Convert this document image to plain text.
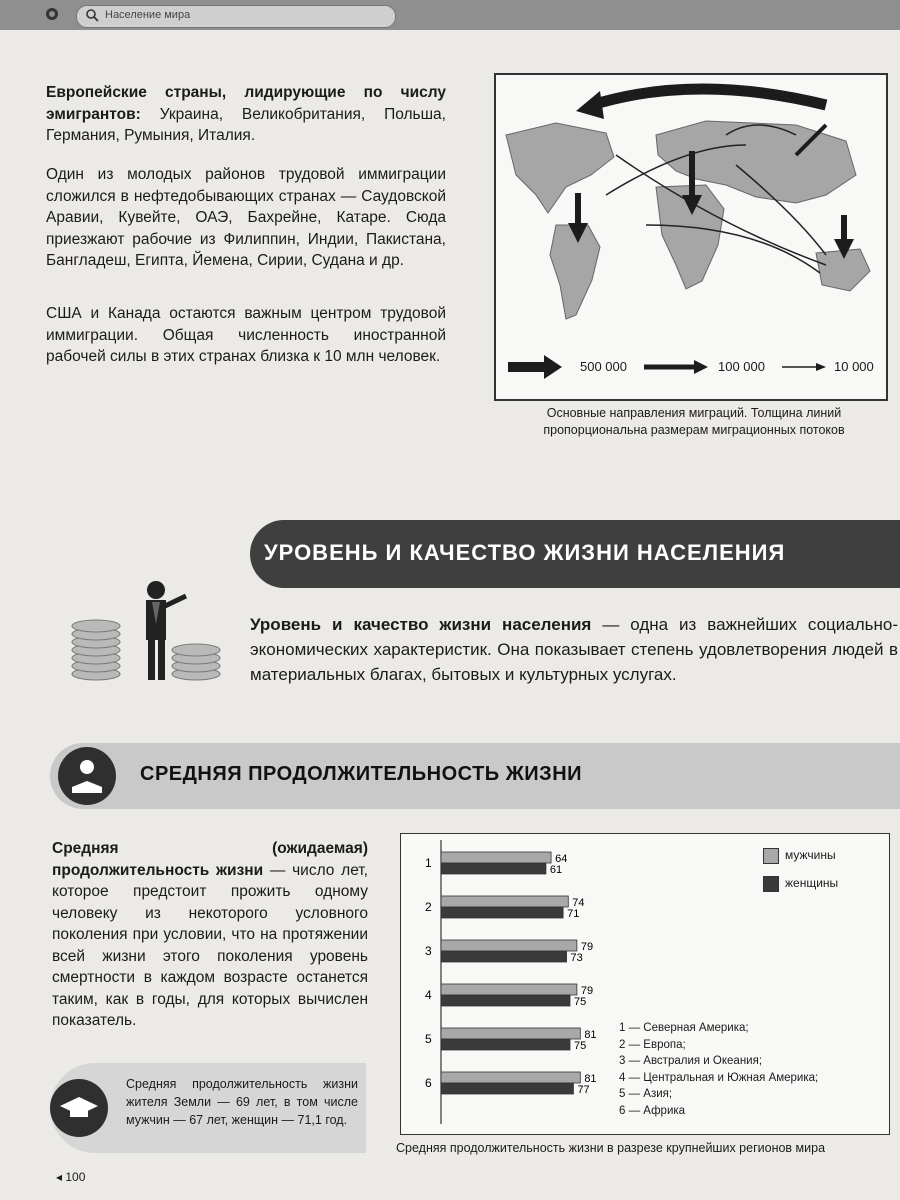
Население мира
Европейские страны, лидирующие по числу эмигрантов: Украина, Великобритания, Польша, Германия, Румыния, Италия.
Один из молодых районов трудовой иммиграции сложился в нефтедобывающих странах — Саудовской Аравии, Кувейте, ОАЭ, Бахрейне, Катаре. Сюда приезжают рабочие из Филиппин, Индии, Пакистана, Бангладеш, Египта, Йемена, Сирии, Судана и др.
США и Канада остаются важным центром трудовой иммиграции. Общая численность иностранной рабочей силы в этих странах близка к 10 млн человек.
500 000	100 000	10 000
Основные направления миграций. Толщина линий пропорциональна размерам миграционных потоков
УРОВЕНЬ И КАЧЕСТВО ЖИЗНИ НАСЕЛЕНИЯ
Уровень и качество жизни населения — одна из важнейших социально-экономических характеристик. Она показывает степень удовлетворения людей в материальных благах, бытовых и культурных услугах.
СРЕДНЯЯ ПРОДОЛЖИТЕЛЬНОСТЬ ЖИЗНИ
Средняя (ожидаемая) продолжительность жизни — число лет, которое предстоит прожить одному человеку из некоторого условного поколения при условии, что на протяжении всей жизни этого поколения уровень смертности в каждом возрасте останется таким, как в годы, для которых вычислен показатель.
Средняя продолжительность жизни жителя Земли — 69 лет, в том числе мужчин — 67 лет, женщин — 71,1 год.
1	64
61
2	74
71
3	79
73
4	79
75
5	81
75
6	81
77
мужчины
женщины
1 — Северная Америка;
2 — Европа;
3 — Австралия и Океания;
4 — Центральная и Южная Америка;
5 — Азия;
6 — Африка
Средняя продолжительность жизни в разрезе крупнейших регионов мира
◂ 100
